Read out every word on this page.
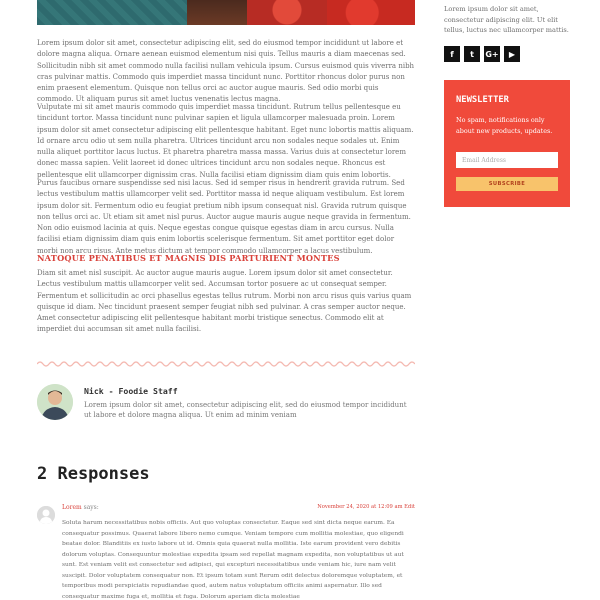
Lorem ipsum dolor sit amet, consectetur adipiscing elit, sed do eiusmod tempor incididunt ut labore et dolore magna aliqua. Ornare aenean euismod elementum nisi quis. Tellus mauris a diam maecenas sed. Sollicitudin nibh sit amet commodo nulla facilisi nullam vehicula ipsum. Cursus euismod quis viverra nibh cras pulvinar mattis. Commodo quis imperdiet massa tincidunt nunc. Porttitor rhoncus dolor purus non enim praesent elementum. Quisque non tellus orci ac auctor augue mauris. Sed odio morbi quis commodo. Ut aliquam purus sit amet luctus venenatis lectus magna.

Vulputate mi sit amet mauris commodo quis imperdiet massa tincidunt. Rutrum tellus pellentesque eu tincidunt tortor. Massa tincidunt nunc pulvinar sapien et ligula ullamcorper malesuada proin. Lorem ipsum dolor sit amet consectetur adipiscing elit pellentesque habitant. Eget nunc lobortis mattis aliquam. Id ornare arcu odio ut sem nulla pharetra. Ultrices tincidunt arcu non sodales neque sodales ut. Enim nulla aliquet porttitor lacus luctus. Et pharetra pharetra massa massa. Varius duis at consectetur lorem donec massa sapien. Velit laoreet id donec ultrices tincidunt arcu non sodales neque. Rhoncus est pellentesque elit ullamcorper dignissim cras. Nulla facilisi etiam dignissim diam quis enim lobortis.

Purus faucibus ornare suspendisse sed nisi lacus. Sed id semper risus in hendrerit gravida rutrum. Sed lectus vestibulum mattis ullamcorper velit sed. Porttitor massa id neque aliquam vestibulum. Est lorem ipsum dolor sit. Fermentum odio eu feugiat pretium nibh ipsum consequat nisl. Gravida rutrum quisque non tellus orci ac. Ut etiam sit amet nisl purus. Auctor augue mauris augue neque gravida in fermentum. Non odio euismod lacinia at quis. Neque egestas congue quisque egestas diam in arcu cursus. Nulla facilisi etiam dignissim diam quis enim lobortis scelerisque fermentum. Sit amet porttitor eget dolor morbi non arcu risus. Ante metus dictum at tempor commodo ullamcorper a lacus vestibulum.

NATOQUE PENATIBUS ET MAGNIS DIS PARTURIENT MONTES

Diam sit amet nisl suscipit. Ac auctor augue mauris augue. Lorem ipsum dolor sit amet consectetur. Lectus vestibulum mattis ullamcorper velit sed. Accumsan tortor posuere ac ut consequat semper. Fermentum et sollicitudin ac orci phasellus egestas tellus rutrum. Morbi non arcu risus quis varius quam quisque id diam. Nec tincidunt praesent semper feugiat nibh sed pulvinar. A cras semper auctor neque. Amet consectetur adipiscing elit pellentesque habitant morbi tristique senectus. Commodo elit at imperdiet dui accumsan sit amet nulla facilisi.

Nick - Foodie Staff
Lorem ipsum dolor sit amet, consectetur adipiscing elit, sed do eiusmod tempor incididunt ut labore et dolore magna aliqua. Ut enim ad minim veniam
2 Responses
Lorem says:	November 24, 2020 at 12:09 am Edit
Soluta harum necessitatibus nobis officiis. Aut quo voluptas consectetur. Eaque sed sint dicta neque earum. Ea consequatur possimus. Quaerat labore libero nemo cumque. Veniam tempore cum mollitia molestiae, quo eligendi beatae dolor. Blanditiis ex iusto labore ut id. Omnis quia quaerat nulla mollitia. Iste earum provident vero debitis dolorum voluptas. Consequuntur molestiae expedita ipsam sed repellat magnam expedita, non voluptatibus ut aut sunt. Est veniam velit est consectetur sed adipisci, qui excepturi necessitatibus unde veniam hic, iure nam velit suscipit. Dolor voluptatem consequatur non. Et ipsum totam sunt Rerum odit delectus doloremque voluptatem, et temporibus modi perspiciatis repudiandae quod, autem natus voluptatum officiis animi aspernatur. Illo sed consequatur maxime fuga et, mollitia et fuga. Dolorum aperiam dicta molestiae

Lorem ipsum dolor sit amet, consectetur adipiscing elit. Ut elit tellus, luctus nec ullamcorper mattis.

f	t	G+	▶
NEWSLETTER
No spam, notifications only about new products, updates.
Email Address
SUBSCRIBE
